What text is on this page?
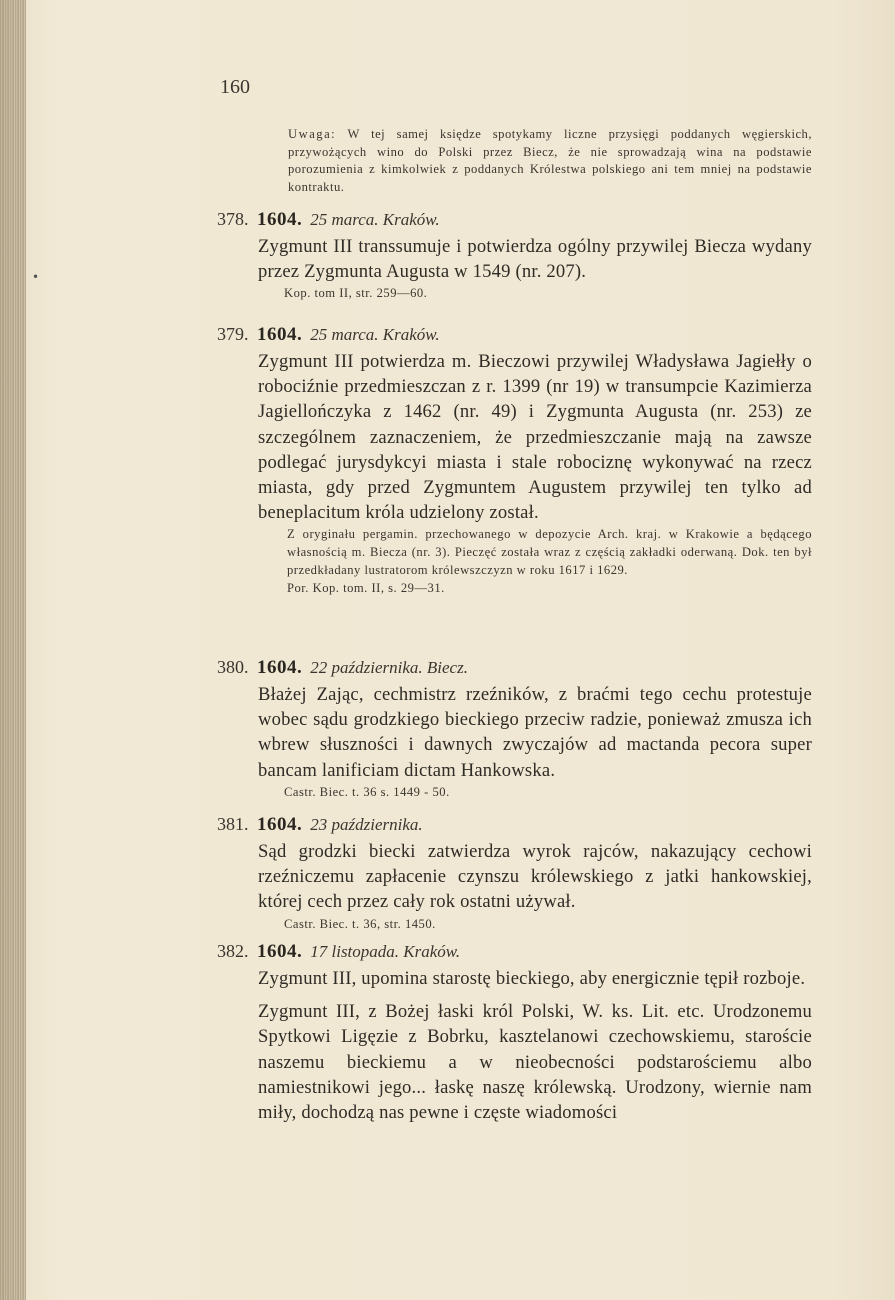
•
160
Uwaga: W tej samej księdze spotykamy liczne przysięgi poddanych węgierskich, przywożących wino do Polski przez Biecz, że nie sprowadzają wina na podstawie porozumienia z kimkolwiek z poddanych Królestwa polskiego ani tem mniej na podstawie kontraktu.
378. 1604. 25 marca. Kraków.
Zygmunt III transsumuje i potwierdza ogólny przywilej Biecza wydany przez Zygmunta Augusta w 1549 (nr. 207).
Kop. tom II, str. 259—60.
379. 1604. 25 marca. Kraków.
Zygmunt III potwierdza m. Bieczowi przywilej Władysława Jagiełły o robociźnie przedmieszczan z r. 1399 (nr 19) w transumpcie Kazimierza Jagiellończyka z 1462 (nr. 49) i Zygmunta Augusta (nr. 253) ze szczególnem zaznaczeniem, że przedmieszczanie mają na zawsze podlegać jurysdykcyi miasta i stale robociznę wykonywać na rzecz miasta, gdy przed Zygmuntem Augustem przywilej ten tylko ad beneplacitum króla udzielony został.
Z oryginału pergamin. przechowanego w depozycie Arch. kraj. w Krakowie a będącego własnością m. Biecza (nr. 3). Pieczęć została wraz z częścią zakładki oderwaną. Dok. ten był przedkładany lustratorom królewszczyzn w roku 1617 i 1629.
Por. Kop. tom. II, s. 29—31.
380. 1604. 22 października. Biecz.
Błażej Zając, cechmistrz rzeźników, z braćmi tego cechu protestuje wobec sądu grodzkiego bieckiego przeciw radzie, ponieważ zmusza ich wbrew słuszności i dawnych zwyczajów ad mactanda pecora super bancam lanificiam dictam Hankowska.
Castr. Biec. t. 36 s. 1449 - 50.
381. 1604. 23 października.
Sąd grodzki biecki zatwierdza wyrok rajców, nakazujący cechowi rzeźniczemu zapłacenie czynszu królewskiego z jatki hankowskiej, której cech przez cały rok ostatni używał.
Castr. Biec. t. 36, str. 1450.
382. 1604. 17 listopada. Kraków.
Zygmunt III, upomina starostę bieckiego, aby energicznie tępił rozboje.
Zygmunt III, z Bożej łaski król Polski, W. ks. Lit. etc. Urodzonemu Spytkowi Ligęzie z Bobrku, kasztelanowi czechowskiemu, staroście naszemu bieckiemu a w nieobecności podstarościemu albo namiestnikowi jego... łaskę naszę królewską. Urodzony, wiernie nam miły, dochodzą nas pewne i częste wiadomości
